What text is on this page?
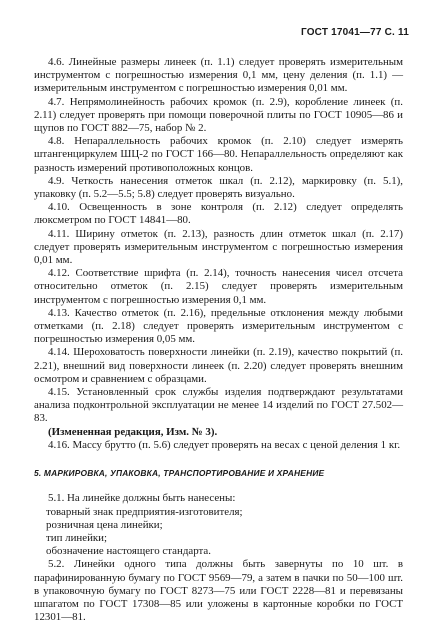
ГОСТ 17041—77 С. 11

4.6. Линейные размеры линеек (п. 1.1) следует проверять измерительным инструментом с погрешностью измерения 0,1 мм, цену деления (п. 1.1) — измерительным инструментом с погрешностью измерения 0,01 мм.

4.7. Непрямолинейность рабочих кромок (п. 2.9), коробление линеек (п. 2.11) следует проверять при помощи поверочной плиты по ГОСТ 10905—86 и щупов по ГОСТ 882—75, набор № 2.

4.8. Непараллельность рабочих кромок (п. 2.10) следует измерять штангенциркулем ШЦ-2 по ГОСТ 166—80. Непараллельность определяют как разность измерений противоположных концов.

4.9. Четкость нанесения отметок шкал (п. 2.12), маркировку (п. 5.1), упаковку (п. 5.2—5.5; 5.8) следует проверять визуально.

4.10. Освещенность в зоне контроля (п. 2.12) следует определять люксметром по ГОСТ 14841—80.

4.11. Ширину отметок (п. 2.13), разность длин отметок шкал (п. 2.17) следует проверять измерительным инструментом с погрешностью измерения 0,01 мм.

4.12. Соответствие шрифта (п. 2.14), точность нанесения чисел отсчета относительно отметок (п. 2.15) следует проверять измерительным инструментом с погрешностью измерения 0,1 мм.

4.13. Качество отметок (п. 2.16), предельные отклонения между любыми отметками (п. 2.18) следует проверять измерительным инструментом с погрешностью измерения 0,05 мм.

4.14. Шероховатость поверхности линейки (п. 2.19), качество покрытий (п. 2.21), внешний вид поверхности линеек (п. 2.20) следует проверять внешним осмотром и сравнением с образцами.

4.15. Установленный срок службы изделия подтверждают результатами анализа подконтрольной эксплуатации не менее 14 изделий по ГОСТ 27.502—83.

(Измененная редакция, Изм. № 3).

4.16. Массу брутто (п. 5.6) следует проверять на весах с ценой деления 1 кг.

5. МАРКИРОВКА, УПАКОВКА, ТРАНСПОРТИРОВАНИЕ И ХРАНЕНИЕ

5.1. На линейке должны быть нанесены:

товарный знак предприятия-изготовителя;

розничная цена линейки;

тип линейки;

обозначение настоящего стандарта.

5.2. Линейки одного типа должны быть завернуты по 10 шт. в парафинированную бумагу по ГОСТ 9569—79, а затем в пачки по 50—100 шт. в упаковочную бумагу по ГОСТ 8273—75 или ГОСТ 2228—81 и перевязаны шпагатом по ГОСТ 17308—85 или уложены в картонные коробки по ГОСТ 12301—81.
